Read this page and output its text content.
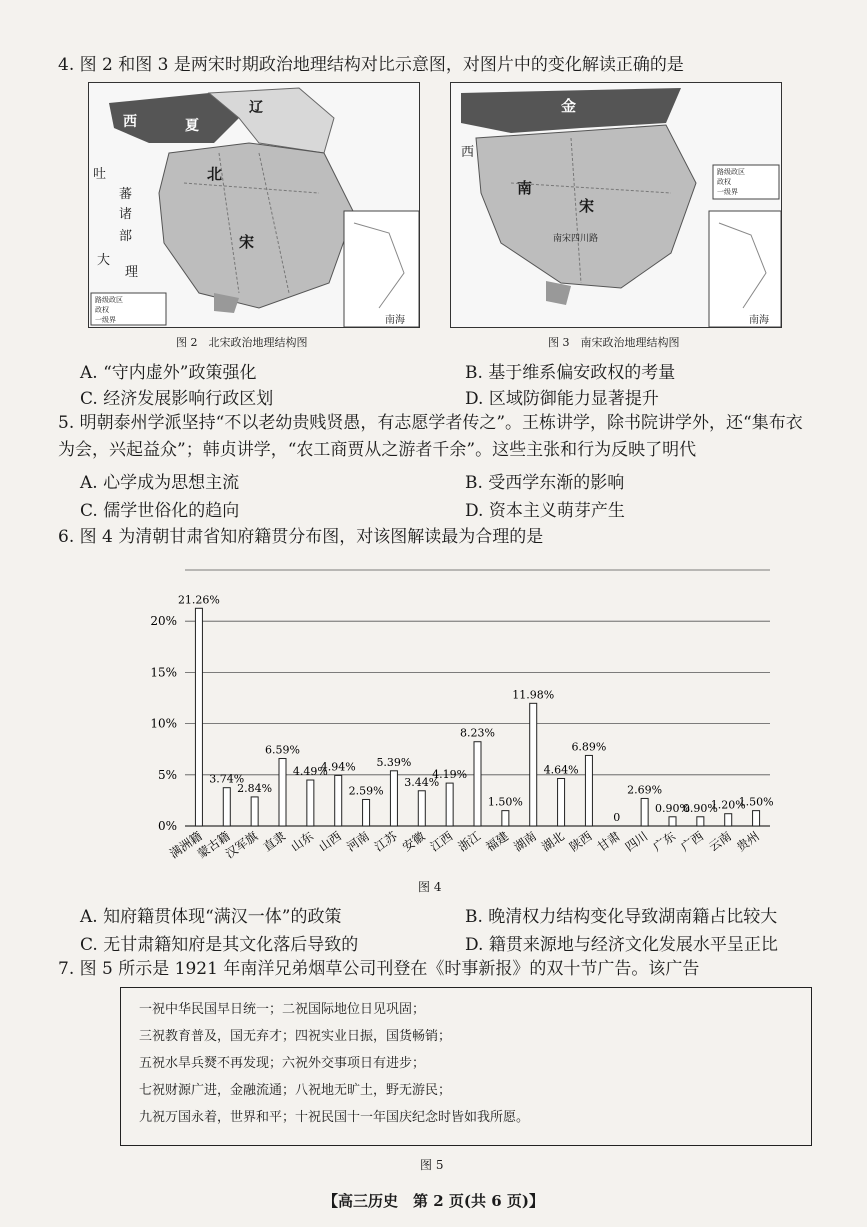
4. 图 2 和图 3 是两宋时期政治地理结构对比示意图，对图片中的变化解读正确的是
辽
西	夏
吐
蕃
诸
部
北
宋
大
理
路级政区
政权
一级界	南海
图 2　北宋政治地理结构图
金
西
南
宋
南宋四川路
路级政区
政权
一级界
南海
图 3　南宋政治地理结构图
A. “守内虚外”政策强化	B. 基于维系偏安政权的考量
C. 经济发展影响行政区划	D. 区域防御能力显著提升
5. 明朝泰州学派坚持“不以老幼贵贱贤愚，有志愿学者传之”。王栋讲学，除书院讲学外，还“集布衣为会，兴起益众”；韩贞讲学，“农工商贾从之游者千余”。这些主张和行为反映了明代
A. 心学成为思想主流	B. 受西学东渐的影响
C. 儒学世俗化的趋向	D. 资本主义萌芽产生
6. 图 4 为清朝甘肃省知府籍贯分布图，对该图解读最为合理的是
0%
5%
10%
15%
20%
21.26%
满洲籍
3.74%
蒙古籍
2.84%
汉军旗
6.59%
直隶
4.49%
山东
4.94%
山西
2.59%
河南
5.39%
江苏
3.44%
安徽
4.19%
江西
8.23%
浙江
1.50%
福建
11.98%
湖南
4.64%
湖北
6.89%
陕西
0
甘肃
2.69%
四川
0.90%
广东
0.90%
广西
1.20%
云南
1.50%
贵州
图 4
A. 知府籍贯体现“满汉一体”的政策	B. 晚清权力结构变化导致湖南籍占比较大
C. 无甘肃籍知府是其文化落后导致的	D. 籍贯来源地与经济文化发展水平呈正比
7. 图 5 所示是 1921 年南洋兄弟烟草公司刊登在《时事新报》的双十节广告。该广告
一祝中华民国早日统一；二祝国际地位日见巩固；
三祝教育普及，国无弃才；四祝实业日振，国货畅销；
五祝水旱兵燹不再发现；六祝外交事项日有进步；
七祝财源广进，金融流通；八祝地无旷土，野无游民；
九祝万国永着，世界和平；十祝民国十一年国庆纪念时皆如我所愿。
图 5
【高三历史　第 2 页(共 6 页)】
